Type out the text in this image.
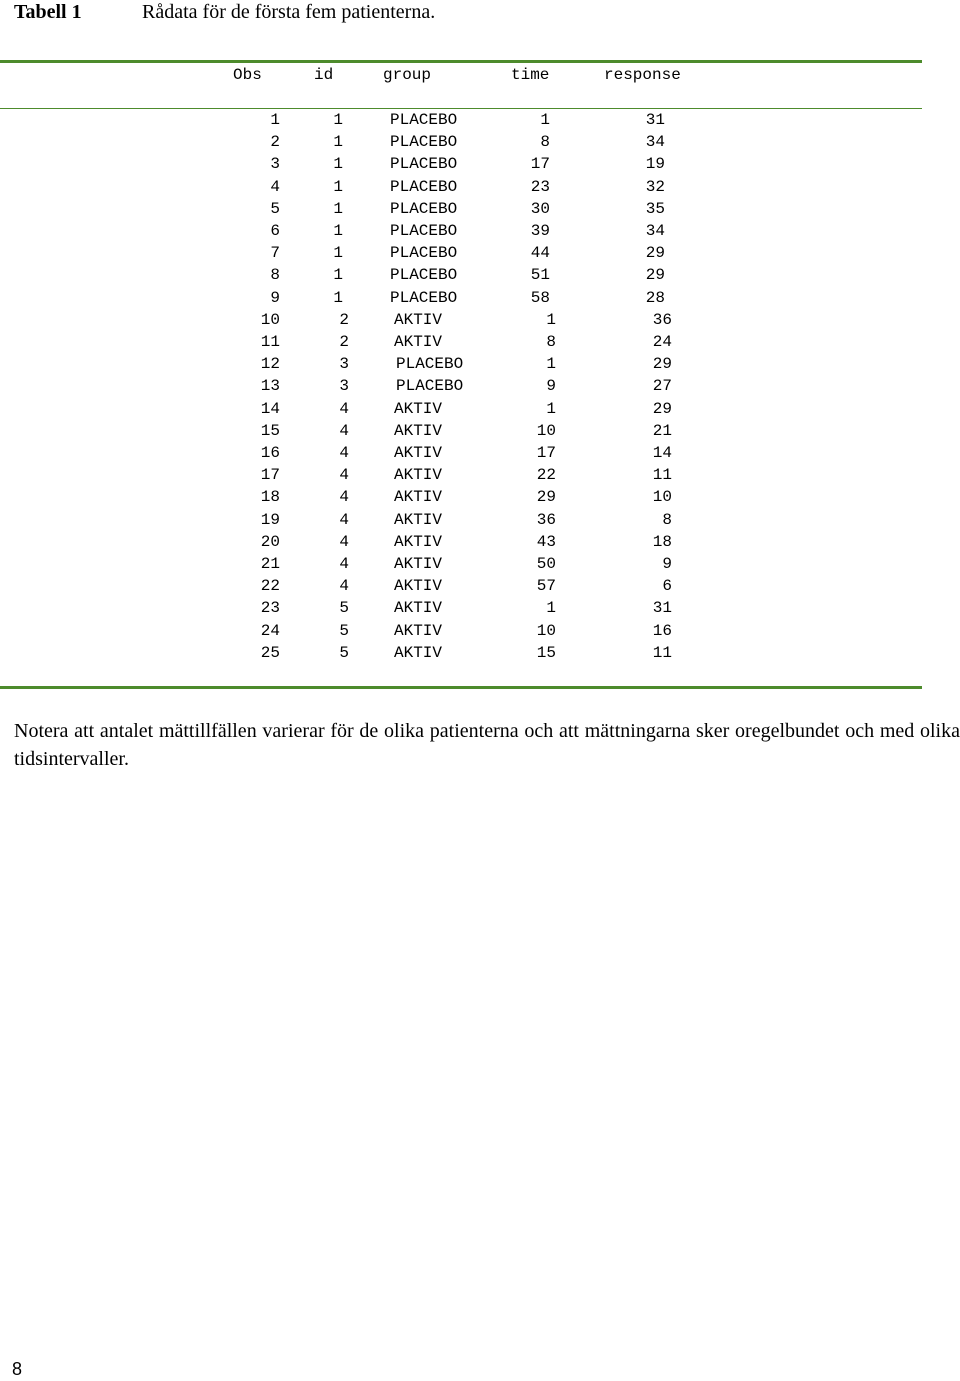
Tabell 1	Rådata för de första fem patienterna.
Obs	id	group	time	response
1	1	PLACEBO	1	31
2	1	PLACEBO	8	34
3	1	PLACEBO	17	19
4	1	PLACEBO	23	32
5	1	PLACEBO	30	35
6	1	PLACEBO	39	34
7	1	PLACEBO	44	29
8	1	PLACEBO	51	29
9	1	PLACEBO	58	28
10	2	AKTIV	1	36
11	2	AKTIV	8	24
12	3	PLACEBO	1	29
13	3	PLACEBO	9	27
14	4	AKTIV	1	29
15	4	AKTIV	10	21
16	4	AKTIV	17	14
17	4	AKTIV	22	11
18	4	AKTIV	29	10
19	4	AKTIV	36	8
20	4	AKTIV	43	18
21	4	AKTIV	50	9
22	4	AKTIV	57	6
23	5	AKTIV	1	31
24	5	AKTIV	10	16
25	5	AKTIV	15	11
Notera att antalet mättillfällen varierar för de olika patienterna och att mättningarna sker oregelbundet och med olika tidsintervaller.
8
